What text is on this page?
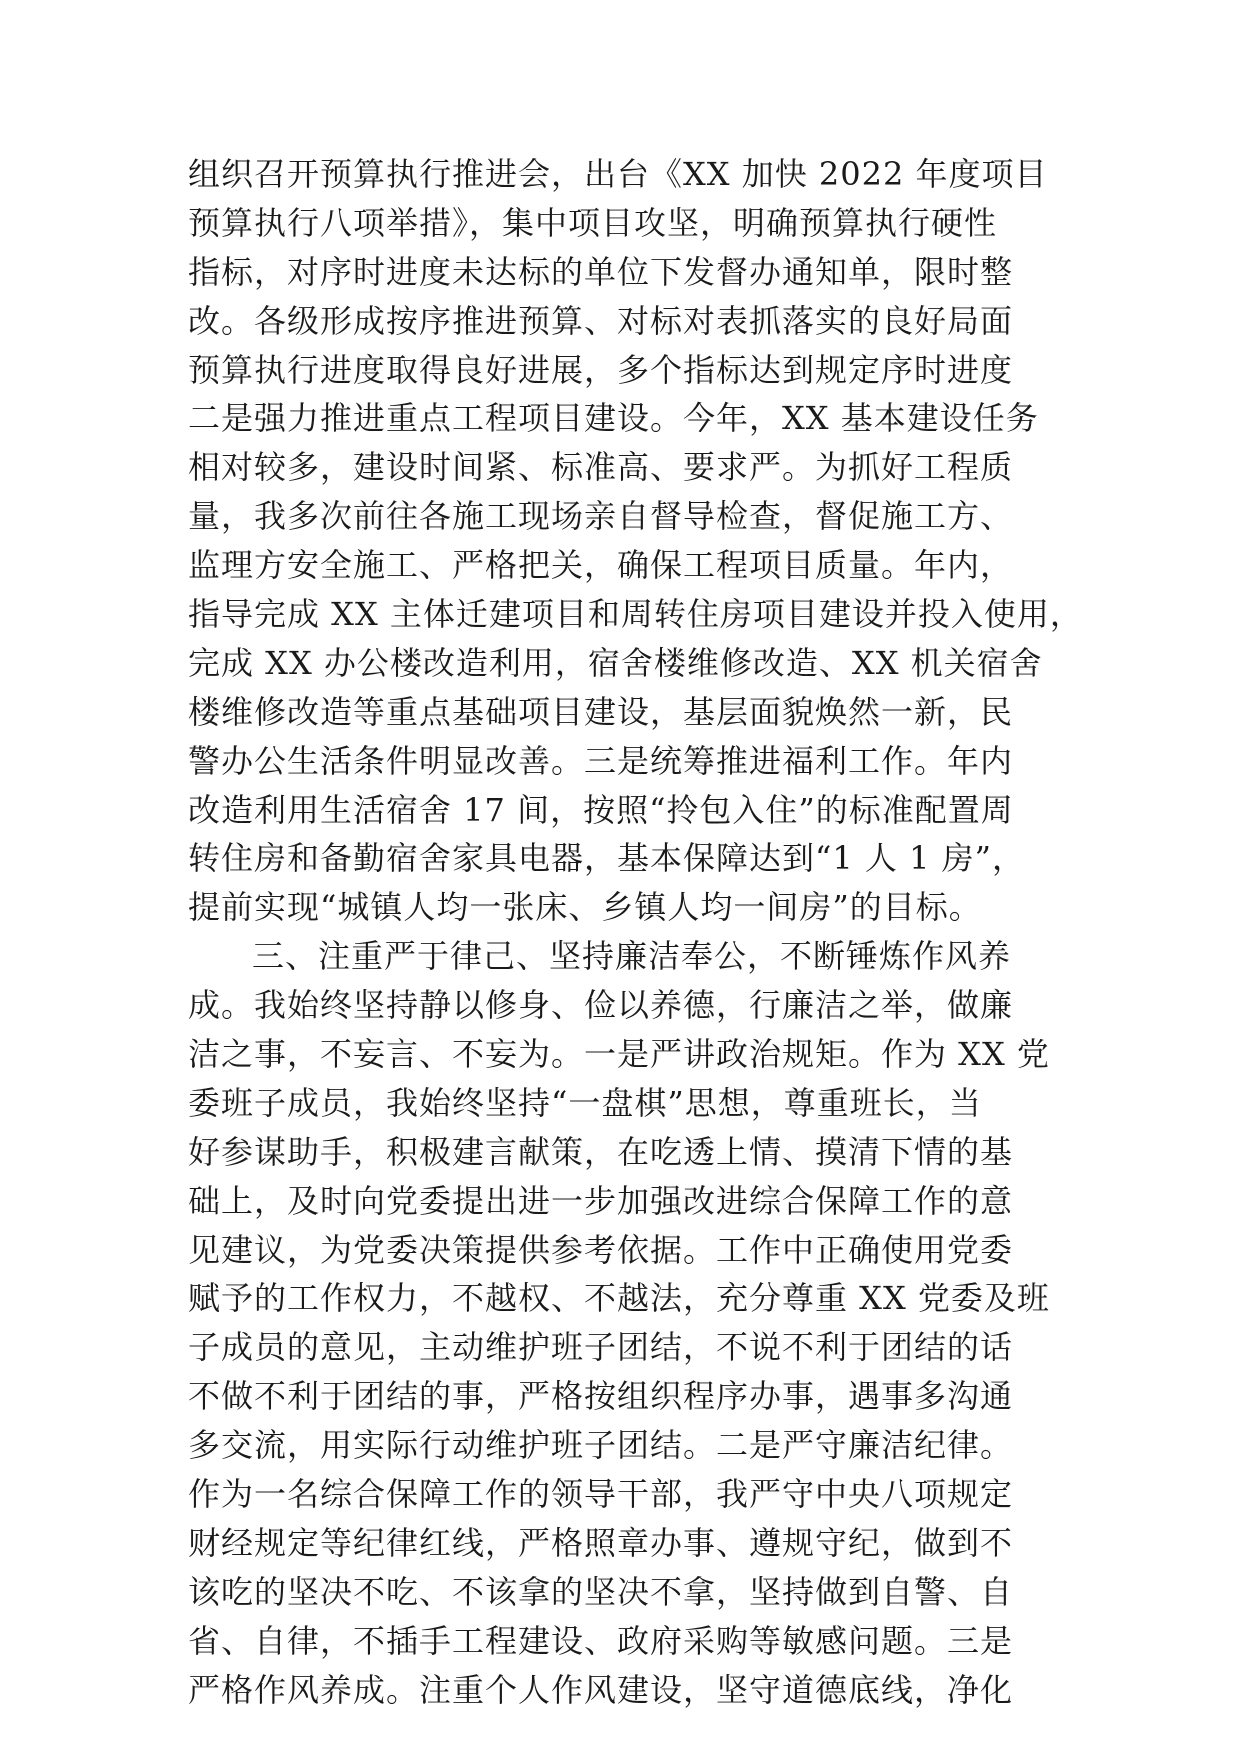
组织召开预算执行推进会，出台《XX 加快 2022 年度项目
预算执行八项举措》，集中项目攻坚，明确预算执行硬性
指标，对序时进度未达标的单位下发督办通知单，限时整
改。各级形成按序推进预算、对标对表抓落实的良好局面
预算执行进度取得良好进展，多个指标达到规定序时进度
二是强力推进重点工程项目建设。今年，XX 基本建设任务
相对较多，建设时间紧、标准高、要求严。为抓好工程质
量，我多次前往各施工现场亲自督导检查，督促施工方、
监理方安全施工、严格把关，确保工程项目质量。年内，
指导完成 XX 主体迁建项目和周转住房项目建设并投入使用，
完成 XX 办公楼改造利用，宿舍楼维修改造、XX 机关宿舍
楼维修改造等重点基础项目建设，基层面貌焕然一新，民
警办公生活条件明显改善。三是统筹推进福利工作。年内
改造利用生活宿舍 17 间，按照“拎包入住”的标准配置周
转住房和备勤宿舍家具电器，基本保障达到“1 人 1 房”，
提前实现“城镇人均一张床、乡镇人均一间房”的目标。
三、注重严于律己、坚持廉洁奉公，不断锤炼作风养
成。我始终坚持静以修身、俭以养德，行廉洁之举，做廉
洁之事，不妄言、不妄为。一是严讲政治规矩。作为 XX 党
委班子成员，我始终坚持“一盘棋”思想，尊重班长，当
好参谋助手，积极建言献策，在吃透上情、摸清下情的基
础上，及时向党委提出进一步加强改进综合保障工作的意
见建议，为党委决策提供参考依据。工作中正确使用党委
赋予的工作权力，不越权、不越法，充分尊重 XX 党委及班
子成员的意见，主动维护班子团结，不说不利于团结的话
不做不利于团结的事，严格按组织程序办事，遇事多沟通
多交流，用实际行动维护班子团结。二是严守廉洁纪律。
作为一名综合保障工作的领导干部，我严守中央八项规定
财经规定等纪律红线，严格照章办事、遵规守纪，做到不
该吃的坚决不吃、不该拿的坚决不拿，坚持做到自警、自
省、自律，不插手工程建设、政府采购等敏感问题。三是
严格作风养成。注重个人作风建设，坚守道德底线，净化
